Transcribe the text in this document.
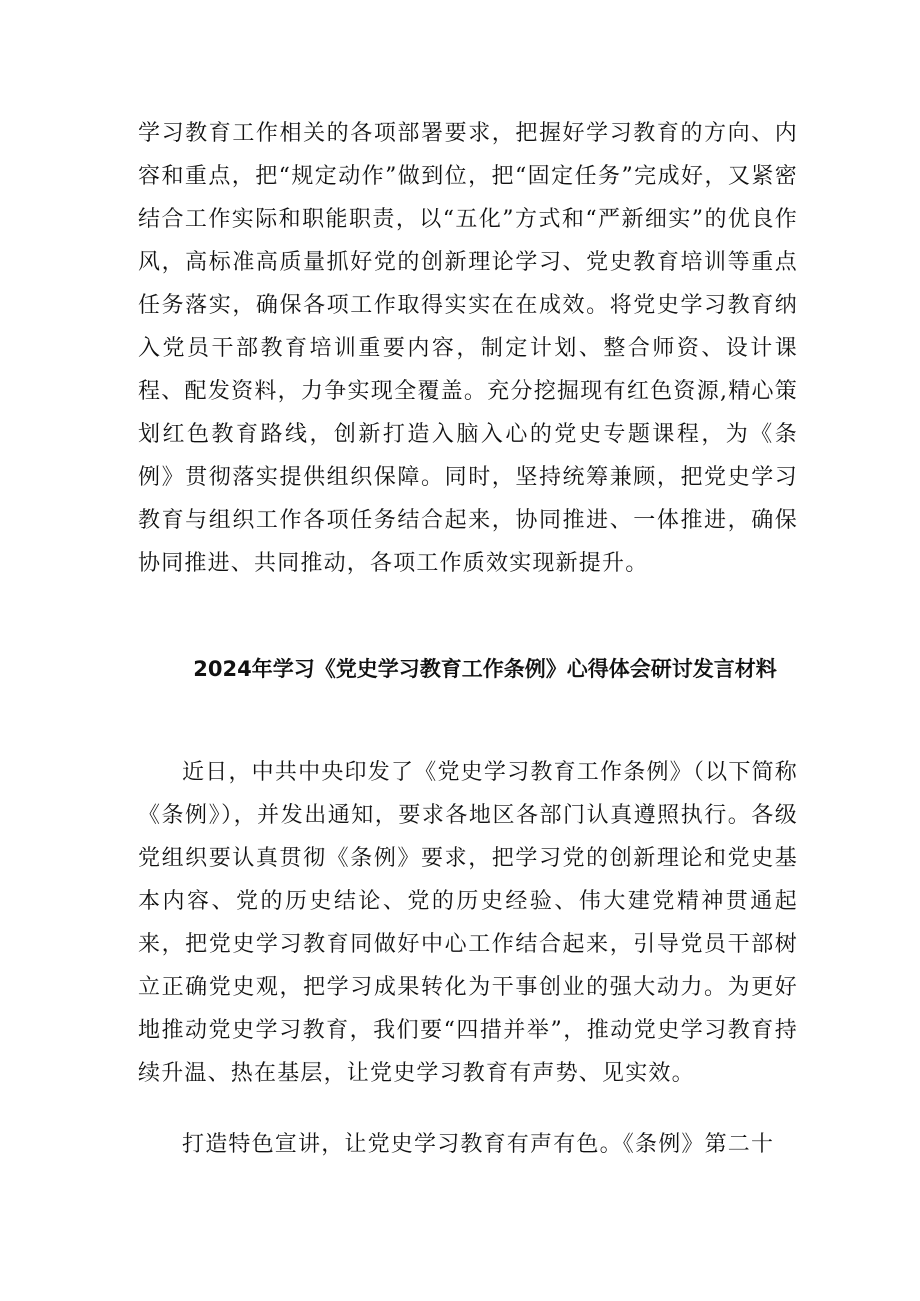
学习教育工作相关的各项部署要求，把握好学习教育的方向、内容和重点，把“规定动作”做到位，把“固定任务”完成好，又紧密结合工作实际和职能职责，以“五化”方式和“严新细实”的优良作风，高标准高质量抓好党的创新理论学习、党史教育培训等重点任务落实，确保各项工作取得实实在在成效。将党史学习教育纳入党员干部教育培训重要内容，制定计划、整合师资、设计课程、配发资料，力争实现全覆盖。充分挖掘现有红色资源,精心策划红色教育路线，创新打造入脑入心的党史专题课程，为《条例》贯彻落实提供组织保障。同时，坚持统筹兼顾，把党史学习教育与组织工作各项任务结合起来，协同推进、一体推进，确保协同推进、共同推动，各项工作质效实现新提升。

2024年学习《党史学习教育工作条例》心得体会研讨发言材料

近日，中共中央印发了《党史学习教育工作条例》（以下简称《条例》），并发出通知，要求各地区各部门认真遵照执行。各级党组织要认真贯彻《条例》要求，把学习党的创新理论和党史基本内容、党的历史结论、党的历史经验、伟大建党精神贯通起来，把党史学习教育同做好中心工作结合起来，引导党员干部树立正确党史观，把学习成果转化为干事创业的强大动力。为更好地推动党史学习教育，我们要“四措并举”，推动党史学习教育持续升温、热在基层，让党史学习教育有声势、见实效。

打造特色宣讲，让党史学习教育有声有色。《条例》第二十
